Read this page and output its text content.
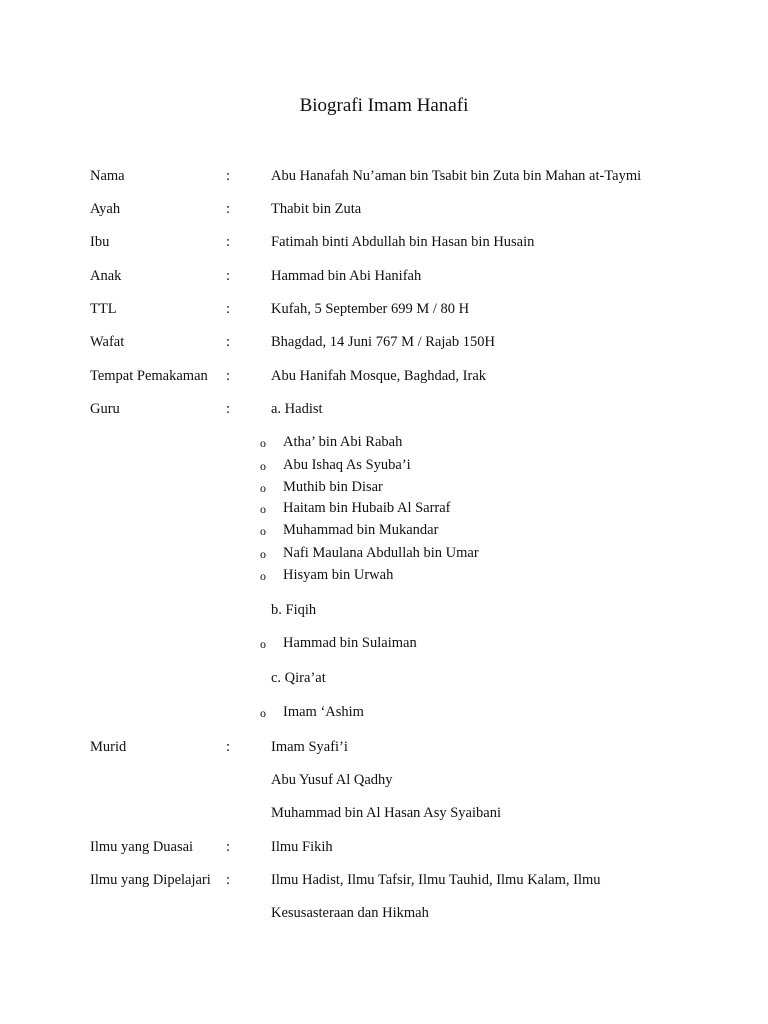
Biografi Imam Hanafi
Nama	:	Abu Hanafah Nu’aman bin Tsabit bin Zuta bin Mahan at-Taymi
Ayah	:	Thabit bin Zuta
Ibu	:	Fatimah binti Abdullah bin Hasan bin Husain
Anak	:	Hammad bin Abi Hanifah
TTL	:	Kufah, 5 September 699 M / 80 H
Wafat	:	Bhagdad, 14 Juni 767 M / Rajab 150H
Tempat Pemakaman :	Abu Hanifah Mosque, Baghdad, Irak
Guru	:	a. Hadist
o	Atha’ bin Abi Rabah
o	Abu Ishaq As Syuba’i
o	Muthib bin Disar
o	Haitam bin Hubaib Al Sarraf
o	Muhammad bin Mukandar
o	Nafi Maulana Abdullah bin Umar
o	Hisyam bin Urwah
b. Fiqih
o	Hammad bin Sulaiman
c. Qira’at
o	Imam ‘Ashim
Murid	:	Imam Syafi’i
Abu Yusuf Al Qadhy
Muhammad bin Al Hasan Asy Syaibani
Ilmu yang Duasai :	Ilmu Fikih
Ilmu yang Dipelajari :	Ilmu Hadist, Ilmu Tafsir, Ilmu Tauhid, Ilmu Kalam, Ilmu
Kesusasteraan dan Hikmah
